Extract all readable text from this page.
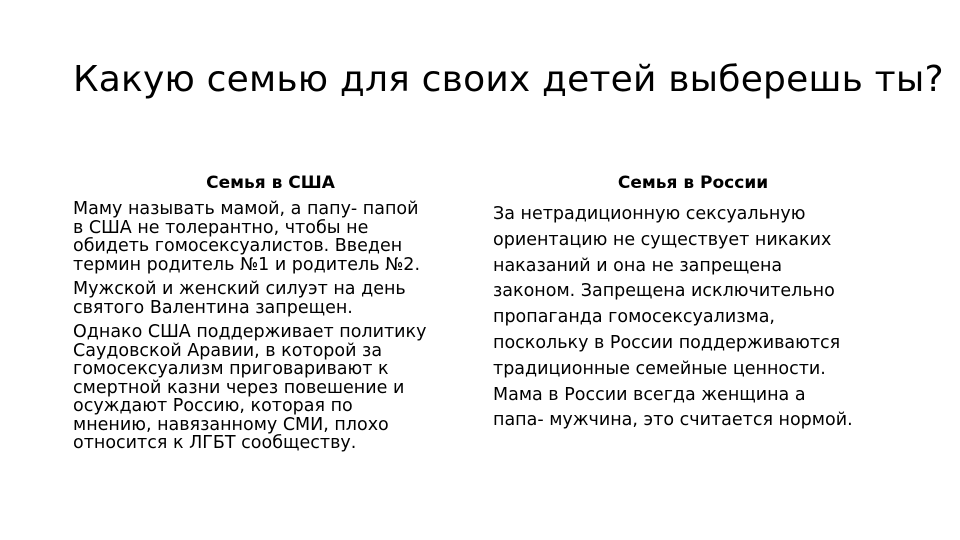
Какую семью для своих детей выберешь ты?

Семья в США

Маму называть мамой, а папу- папой
в США не толерантно, чтобы не
обидеть гомосексуалистов. Введен
термин родитель №1 и родитель №2.

Мужской и женский силуэт на день
святого Валентина запрещен.

Однако США поддерживает политику
Саудовской Аравии, в которой за
гомосексуализм приговаривают к
смертной казни через повешение и
осуждают Россию, которая по
мнению, навязанному СМИ, плохо
относится к ЛГБТ сообществу.

Семья в России

За нетрадиционную сексуальную
ориентацию не существует никаких
наказаний и она не запрещена
законом. Запрещена исключительно
пропаганда гомосексуализма,
поскольку в России поддерживаются
традиционные семейные ценности.
Мама в России всегда женщина а
папа- мужчина, это считается нормой.
